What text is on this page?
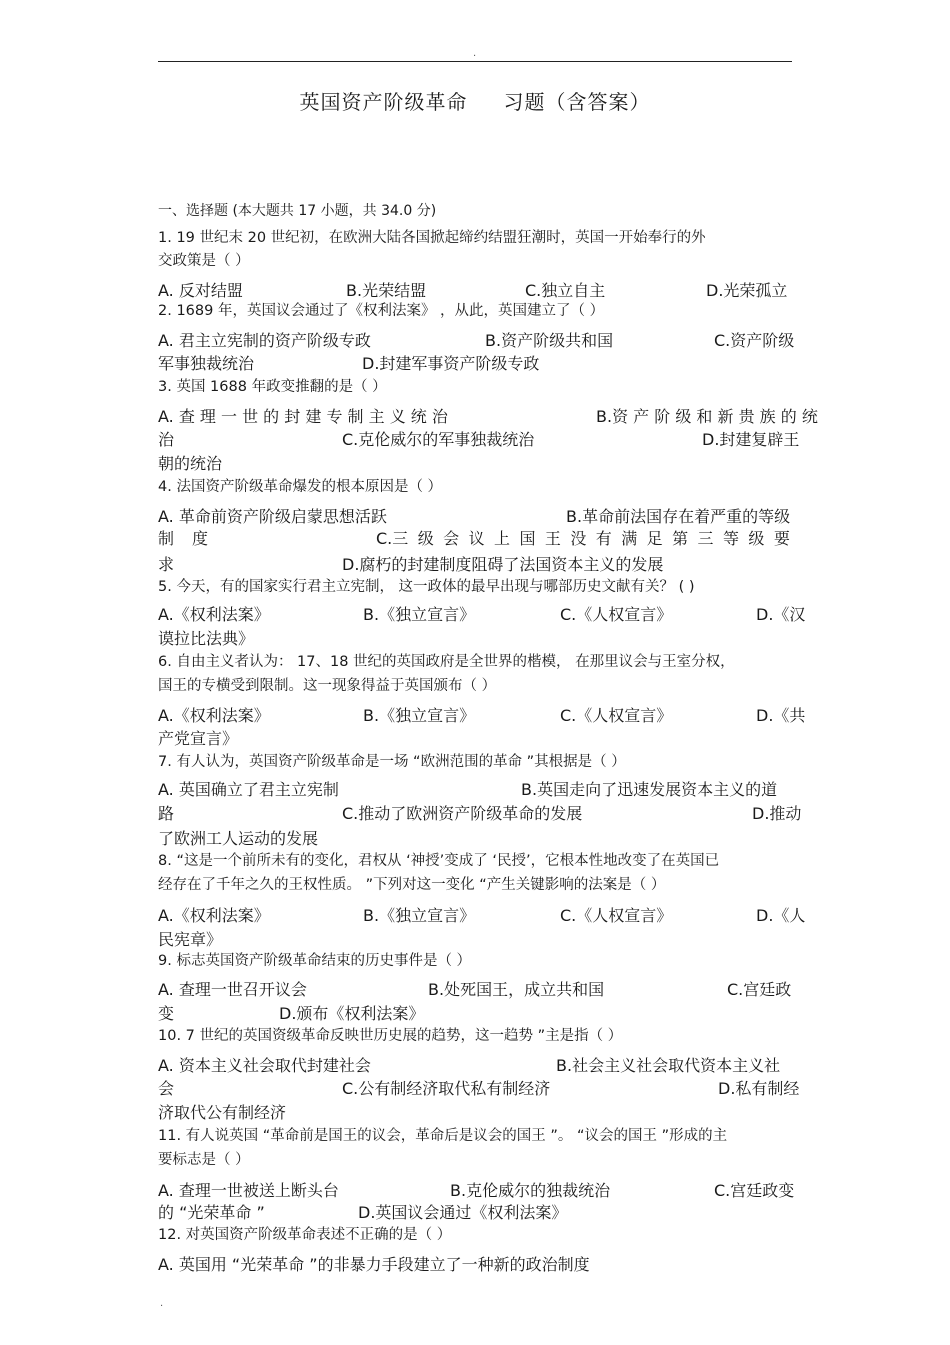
.
英国资产阶级革命 习题（含答案）
一、选择题 (本大题共 17 小题，共 34.0 分)
1. 19 世纪末 20 世纪初，在欧洲大陆各国掀起缔约结盟狂潮时，英国一开始奉行的外
交政策是（ ）
A. 反对结盟	B.光荣结盟	C.独立自主	D.光荣孤立
2. 1689 年，英国议会通过了《权利法案》 ，从此，英国建立了（ ）
A. 君主立宪制的资产阶级专政	B.资产阶级共和国	C.资产阶级
军事独裁统治	D.封建军事资产阶级专政
3. 英国 1688 年政变推翻的是（ ）
A. 查 理 一 世 的 封 建 专 制 主 义 统 治	B.资 产 阶 级 和 新 贵 族 的 统
治	C.克伦威尔的军事独裁统治	D.封建复辟王
朝的统治
4. 法国资产阶级革命爆发的根本原因是（ ）
A. 革命前资产阶级启蒙思想活跃	B.革命前法国存在着严重的等级
制 度	C.三 级 会 议 上 国 王 没 有 满 足 第 三 等 级 要
求	D.腐朽的封建制度阻碍了法国资本主义的发展
5. 今天，有的国家实行君主立宪制， 这一政体的最早出现与哪部历史文献有关？ ( )
A.《权利法案》	B.《独立宣言》	C.《人权宣言》	D.《汉
谟拉比法典》
6. 自由主义者认为： 17、18 世纪的英国政府是全世界的楷模， 在那里议会与王室分权，
国王的专横受到限制。这一现象得益于英国颁布（ ）
A.《权利法案》	B.《独立宣言》	C.《人权宣言》	D.《共
产党宣言》
7. 有人认为，英国资产阶级革命是一场 “欧洲范围的革命 ”其根据是（ ）
A. 英国确立了君主立宪制	B.英国走向了迅速发展资本主义的道
路	C.推动了欧洲资产阶级革命的发展	D.推动
了欧洲工人运动的发展
8. “这是一个前所未有的变化，君权从 ‘神授’变成了 ‘民授’，它根本性地改变了在英国已
经存在了千年之久的王权性质。 ”下列对这一变化 “产生关键影响的法案是（ ）
A.《权利法案》	B.《独立宣言》	C.《人权宣言》	D.《人
民宪章》
9. 标志英国资产阶级革命结束的历史事件是（ ）
A. 查理一世召开议会	B.处死国王，成立共和国	C.宫廷政
变	D.颁布《权利法案》
10. 7 世纪的英国资级革命反映世历史展的趋势，这一趋势 ”主是指（ ）
A. 资本主义社会取代封建社会	B.社会主义社会取代资本主义社
会	C.公有制经济取代私有制经济	D.私有制经
济取代公有制经济
11. 有人说英国 “革命前是国王的议会，革命后是议会的国王 ”。 “议会的国王 ”形成的主
要标志是（ ）
A. 查理一世被送上断头台	B.克伦威尔的独裁统治	C.宫廷政变
的 “光荣革命 ”	D.英国议会通过《权利法案》
12. 对英国资产阶级革命表述不正确的是（ ）
A. 英国用 “光荣革命 ”的非暴力手段建立了一种新的政治制度
.
